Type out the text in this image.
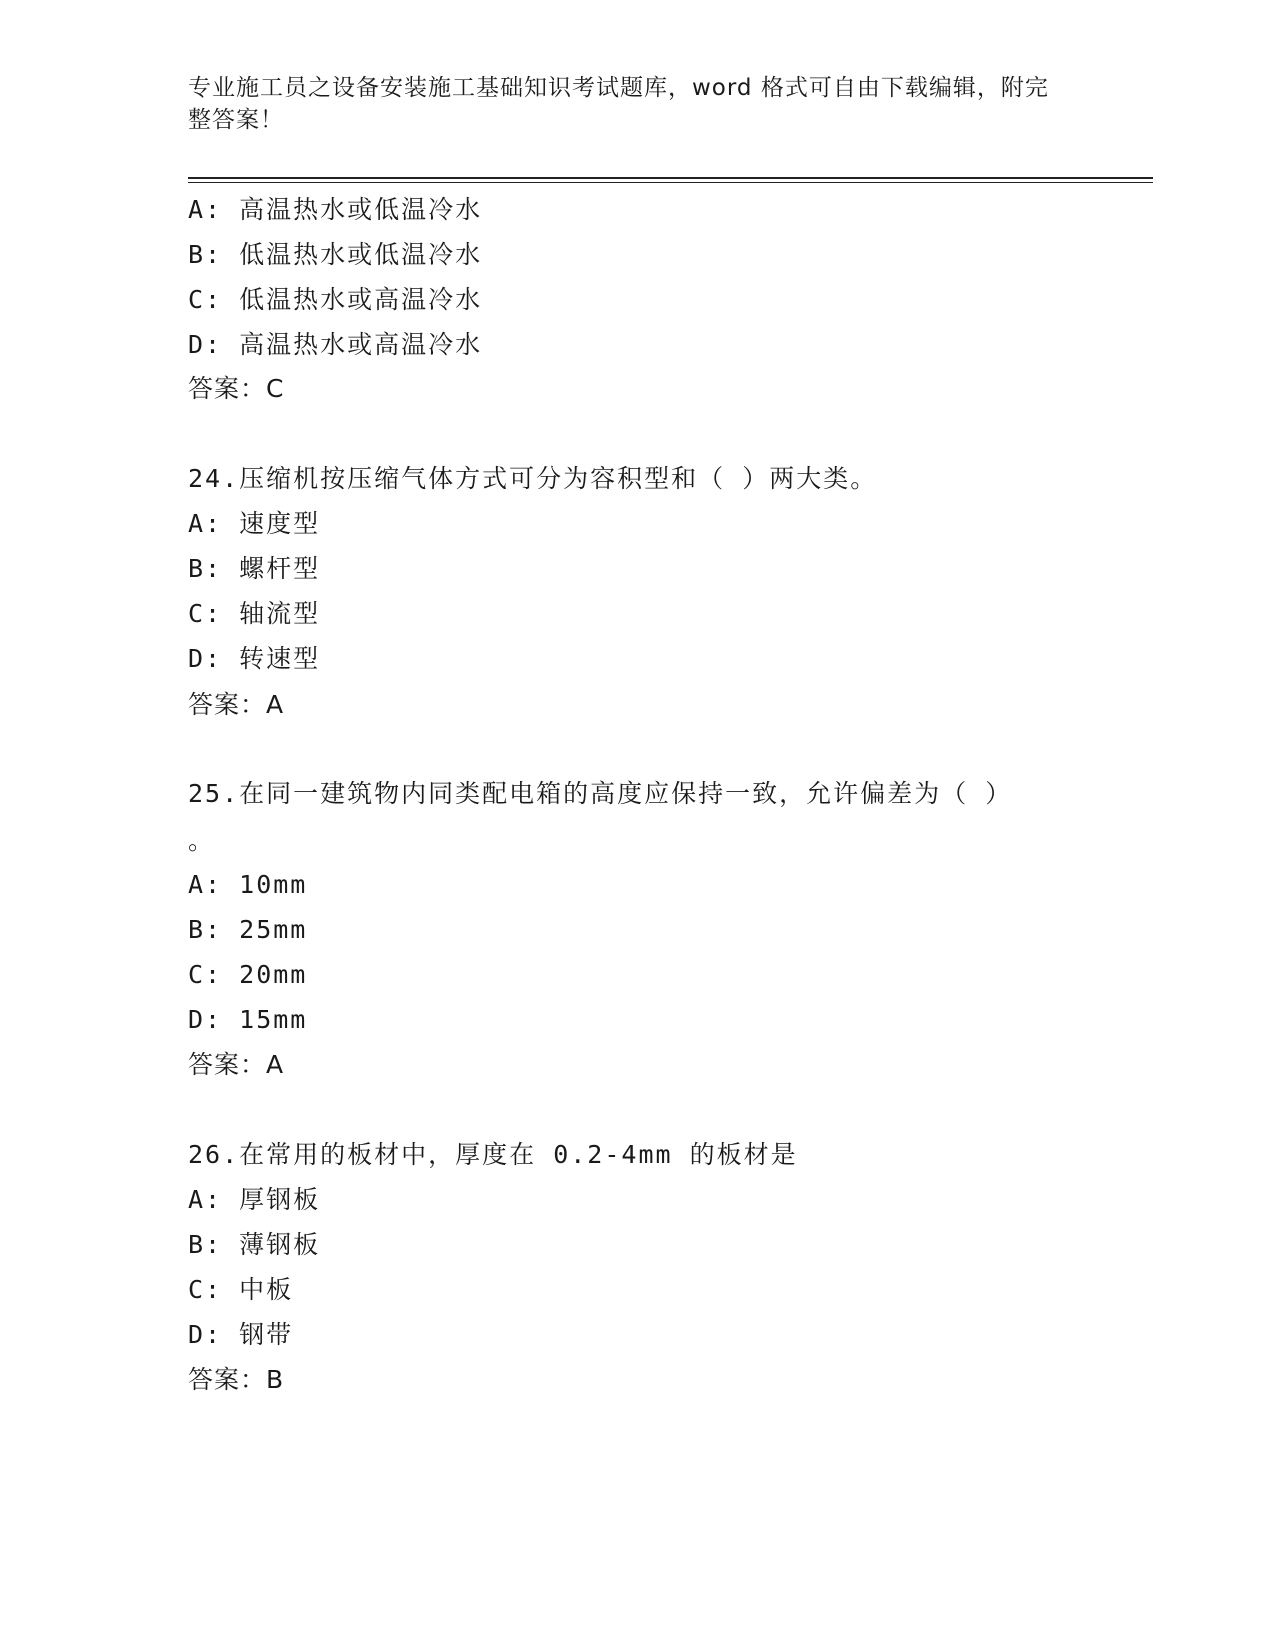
专业施工员之设备安装施工基础知识考试题库，word 格式可自由下载编辑，附完
整答案！
A: 高温热水或低温冷水
B: 低温热水或低温冷水
C: 低温热水或高温冷水
D: 高温热水或高温冷水
答案：C
24.压缩机按压缩气体方式可分为容积型和（ ）两大类。
A: 速度型
B: 螺杆型
C: 轴流型
D: 转速型
答案：A
25.在同一建筑物内同类配电箱的高度应保持一致，允许偏差为（ ）
。
A: 10mm
B: 25mm
C: 20mm
D: 15mm
答案：A
26.在常用的板材中，厚度在 0.2-4mm 的板材是
A: 厚钢板
B: 薄钢板
C: 中板
D: 钢带
答案：B
